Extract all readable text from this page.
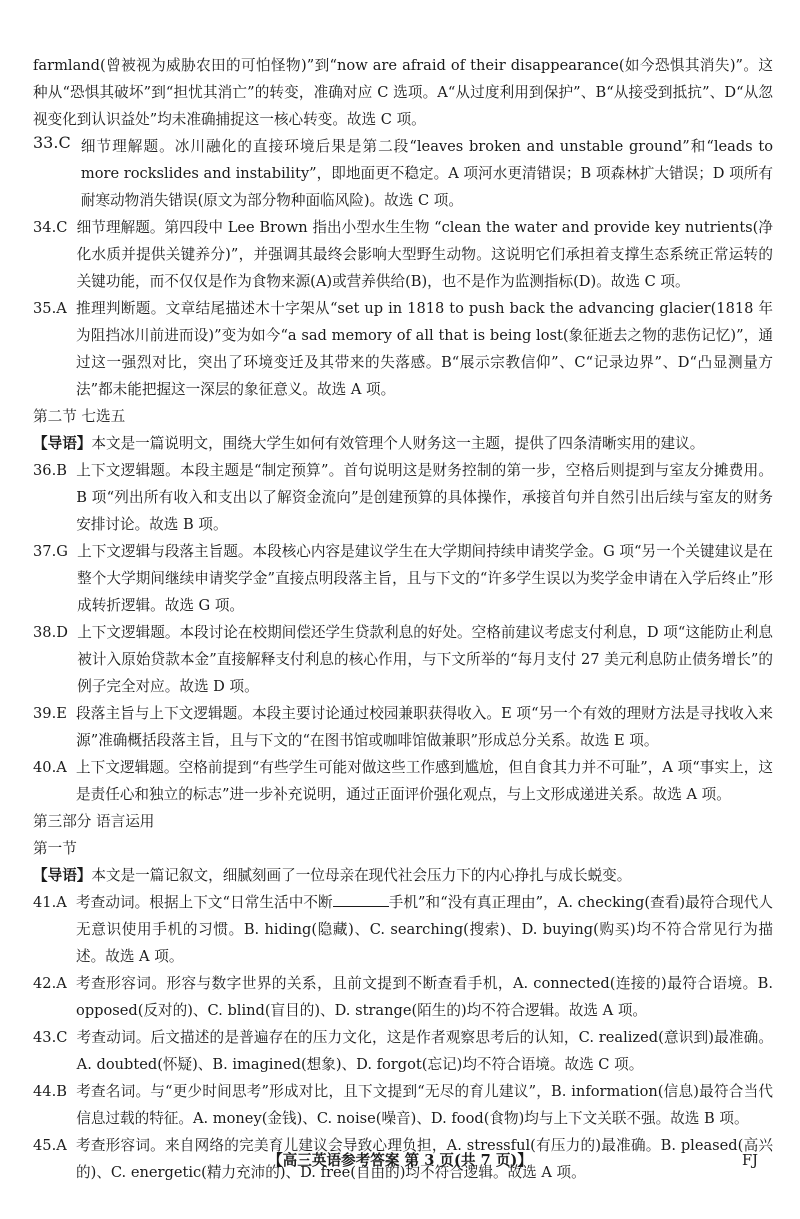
farmland(曾被视为威胁农田的可怕怪物)”到“now are afraid of their disappearance(如今恐惧其消失)”。这种从“恐惧其破坏”到“担忧其消亡”的转变，准确对应 C 选项。A“从过度利用到保护”、B“从接受到抵抗”、D“从忽视变化到认识益处”均未准确捕捉这一核心转变。故选 C 项。

33.C
细节理解题。冰川融化的直接环境后果是第二段“leaves broken and unstable ground”和“leads to more rockslides and instability”，即地面更不稳定。A 项河水更清错误；B 项森林扩大错误；D 项所有耐寒动物消失错误(原文为部分物种面临风险)。故选 C 项。
34.C
细节理解题。第四段中 Lee Brown 指出小型水生生物 “clean the water and provide key nutrients(净化水质并提供关键养分)”，并强调其最终会影响大型野生动物。这说明它们承担着支撑生态系统正常运转的关键功能，而不仅仅是作为食物来源(A)或营养供给(B)，也不是作为监测指标(D)。故选 C 项。
35.A
推理判断题。文章结尾描述木十字架从“set up in 1818 to push back the advancing glacier(1818 年为阻挡冰川前进而设)”变为如今“a sad memory of all that is being lost(象征逝去之物的悲伤记忆)”，通过这一强烈对比，突出了环境变迁及其带来的失落感。B“展示宗教信仰”、C“记录边界”、D“凸显测量方法”都未能把握这一深层的象征意义。故选 A 项。

第二节 七选五

【导语】本文是一篇说明文，围绕大学生如何有效管理个人财务这一主题，提供了四条清晰实用的建议。

36.B
上下文逻辑题。本段主题是“制定预算”。首句说明这是财务控制的第一步，空格后则提到与室友分摊费用。B 项“列出所有收入和支出以了解资金流向”是创建预算的具体操作，承接首句并自然引出后续与室友的财务安排讨论。故选 B 项。
37.G
上下文逻辑与段落主旨题。本段核心内容是建议学生在大学期间持续申请奖学金。G 项“另一个关键建议是在整个大学期间继续申请奖学金”直接点明段落主旨，且与下文的“许多学生误以为奖学金申请在入学后终止”形成转折逻辑。故选 G 项。
38.D
上下文逻辑题。本段讨论在校期间偿还学生贷款利息的好处。空格前建议考虑支付利息，D 项“这能防止利息被计入原始贷款本金”直接解释支付利息的核心作用，与下文所举的“每月支付 27 美元利息防止债务增长”的例子完全对应。故选 D 项。
39.E
段落主旨与上下文逻辑题。本段主要讨论通过校园兼职获得收入。E 项“另一个有效的理财方法是寻找收入来源”准确概括段落主旨，且与下文的“在图书馆或咖啡馆做兼职”形成总分关系。故选 E 项。
40.A
上下文逻辑题。空格前提到“有些学生可能对做这些工作感到尴尬，但自食其力并不可耻”，A 项“事实上，这是责任心和独立的标志”进一步补充说明，通过正面评价强化观点，与上文形成递进关系。故选 A 项。

第三部分 语言运用

第一节

【导语】本文是一篇记叙文，细腻刻画了一位母亲在现代社会压力下的内心挣扎与成长蜕变。

41.A
考查动词。根据上下文“日常生活中不断	手机”和“没有真正理由”，A. checking(查看)最符合现代人无意识使用手机的习惯。B. hiding(隐藏)、C. searching(搜索)、D. buying(购买)均不符合常见行为描述。故选 A 项。
42.A
考查形容词。形容与数字世界的关系，且前文提到不断查看手机，A. connected(连接的)最符合语境。B. opposed(反对的)、C. blind(盲目的)、D. strange(陌生的)均不符合逻辑。故选 A 项。
43.C
考查动词。后文描述的是普遍存在的压力文化，这是作者观察思考后的认知，C. realized(意识到)最准确。A. doubted(怀疑)、B. imagined(想象)、D. forgot(忘记)均不符合语境。故选 C 项。
44.B
考查名词。与“更少时间思考”形成对比，且下文提到“无尽的育儿建议”，B. information(信息)最符合当代信息过载的特征。A. money(金钱)、C. noise(噪音)、D. food(食物)均与上下文关联不强。故选 B 项。
45.A
考查形容词。来自网络的完美育儿建议会导致心理负担，A. stressful(有压力的)最准确。B. pleased(高兴的)、C. energetic(精力充沛的)、D. free(自由的)均不符合逻辑。故选 A 项。
【高三英语参考答案 第 3 页(共 7 页)】	FJ
